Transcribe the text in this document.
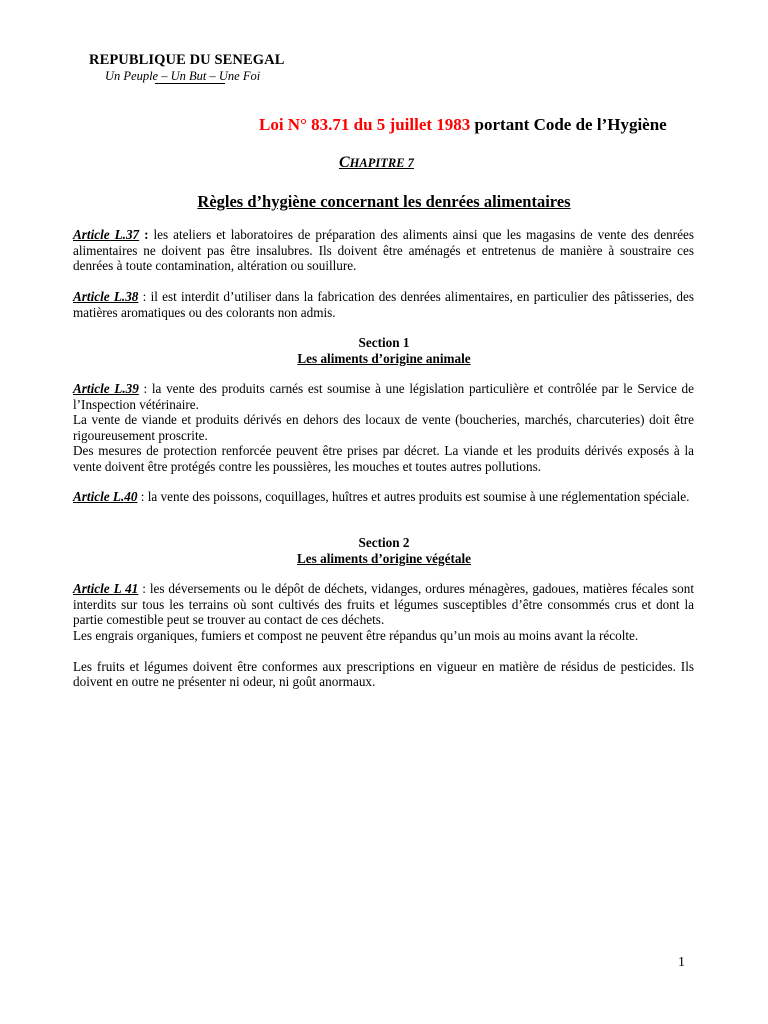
REPUBLIQUE DU SENEGAL
Un Peuple – Un But – Une Foi
Loi N° 83.71 du 5 juillet 1983 portant Code de l’Hygiène
CHAPITRE 7
Règles d’hygiène concernant les denrées alimentaires

Article L.37 : les ateliers et laboratoires de préparation des aliments ainsi que les magasins de vente des denrées alimentaires ne doivent pas être insalubres. Ils doivent être aménagés et entretenus de manière à soustraire ces denrées à toute contamination, altération ou souillure.

Article L.38 : il est interdit d’utiliser dans la fabrication des denrées alimentaires, en particulier des pâtisseries, des matières aromatiques ou des colorants non admis.

Section 1
Les aliments d’origine animale

Article L.39 : la vente des produits carnés est soumise à une législation particulière et contrôlée par le Service de l’Inspection vétérinaire.

La vente de viande et produits dérivés en dehors des locaux de vente (boucheries, marchés, charcuteries) doit être rigoureusement proscrite.

Des mesures de protection renforcée peuvent être prises par décret. La viande et les produits dérivés exposés à la vente doivent être protégés contre les poussières, les mouches et toutes autres pollutions.

Article L.40 : la vente des poissons, coquillages, huîtres et autres produits est soumise à une réglementation spéciale.

Section 2
Les aliments d’origine végétale

Article L 41 : les déversements ou le dépôt de déchets, vidanges, ordures ménagères, gadoues, matières fécales sont interdits sur tous les terrains où sont cultivés des fruits et légumes susceptibles d’être consommés crus et dont la partie comestible peut se trouver au contact de ces déchets.

Les engrais organiques, fumiers et compost ne peuvent être répandus qu’un mois au moins avant la récolte.

Les fruits et légumes doivent être conformes aux prescriptions en vigueur en matière de résidus de pesticides. Ils doivent en outre ne présenter ni odeur, ni goût anormaux.

1
